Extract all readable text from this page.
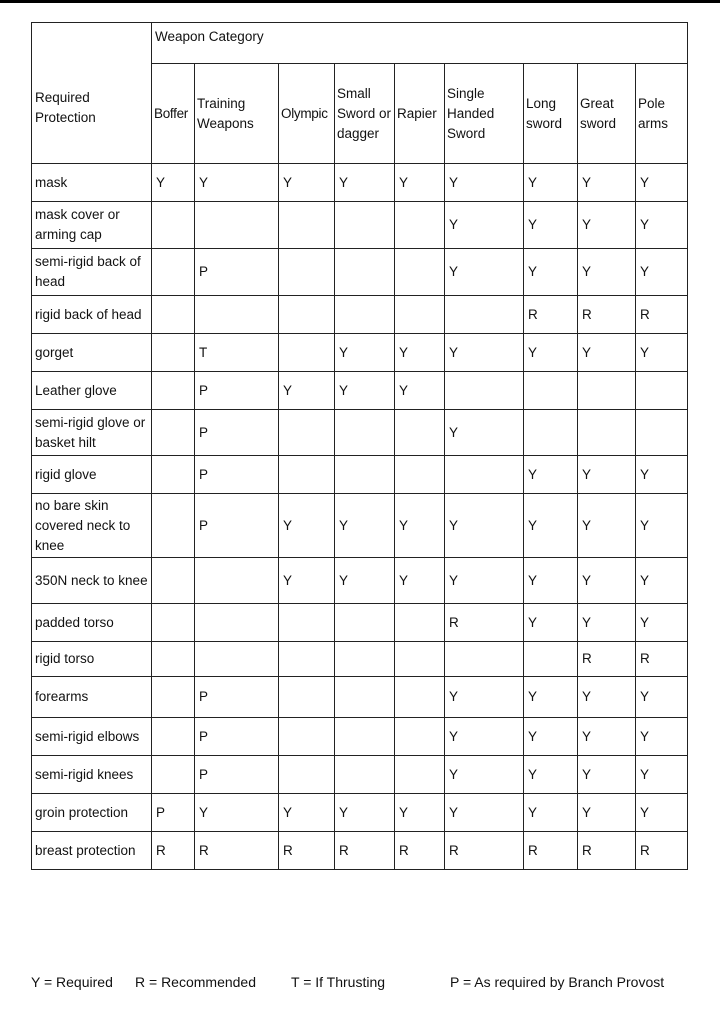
Required Protection	Weapon Category								
	Boffer	Training Weapons	Olympic	Small Sword or dagger	Rapier	Single Handed Sword	Long sword	Great sword	Pole arms
mask	Y	Y	Y	Y	Y	Y	Y	Y	Y
mask cover or arming cap						Y	Y	Y	Y
semi-rigid back of head		P				Y	Y	Y	Y
rigid back of head							R	R	R
gorget		T		Y	Y	Y	Y	Y	Y
Leather glove		P	Y	Y	Y				
semi-rigid glove or basket hilt		P				Y			
rigid glove		P					Y	Y	Y
no bare skin covered neck to knee		P	Y	Y	Y	Y	Y	Y	Y
350N neck to knee			Y	Y	Y	Y	Y	Y	Y
padded torso						R	Y	Y	Y
rigid torso								R	R
forearms		P				Y	Y	Y	Y
semi-rigid elbows		P				Y	Y	Y	Y
semi-rigid knees		P				Y	Y	Y	Y
groin protection	P	Y	Y	Y	Y	Y	Y	Y	Y
breast protection	R	R	R	R	R	R	R	R	R
Y = Required R = Recommended T = If Thrusting	P = As required by Branch Provost
